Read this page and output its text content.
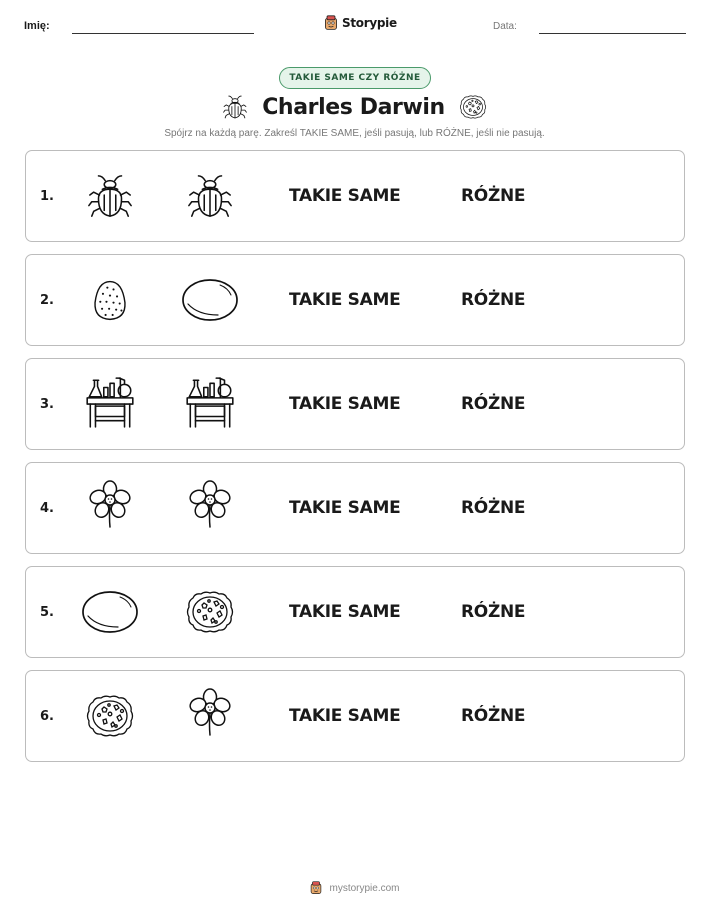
Imię:	Storypie	Data:
TAKIE SAME CZY RÓŻNE
Charles Darwin
Spójrz na każdą parę. Zakreśl TAKIE SAME, jeśli pasują, lub RÓŻNE, jeśli nie pasują.
1.	TAKIE SAME	RÓŻNE
2.	TAKIE SAME	RÓŻNE
3.	TAKIE SAME	RÓŻNE
4.	TAKIE SAME	RÓŻNE
5.	TAKIE SAME	RÓŻNE
6.	TAKIE SAME	RÓŻNE
mystorypie.com
